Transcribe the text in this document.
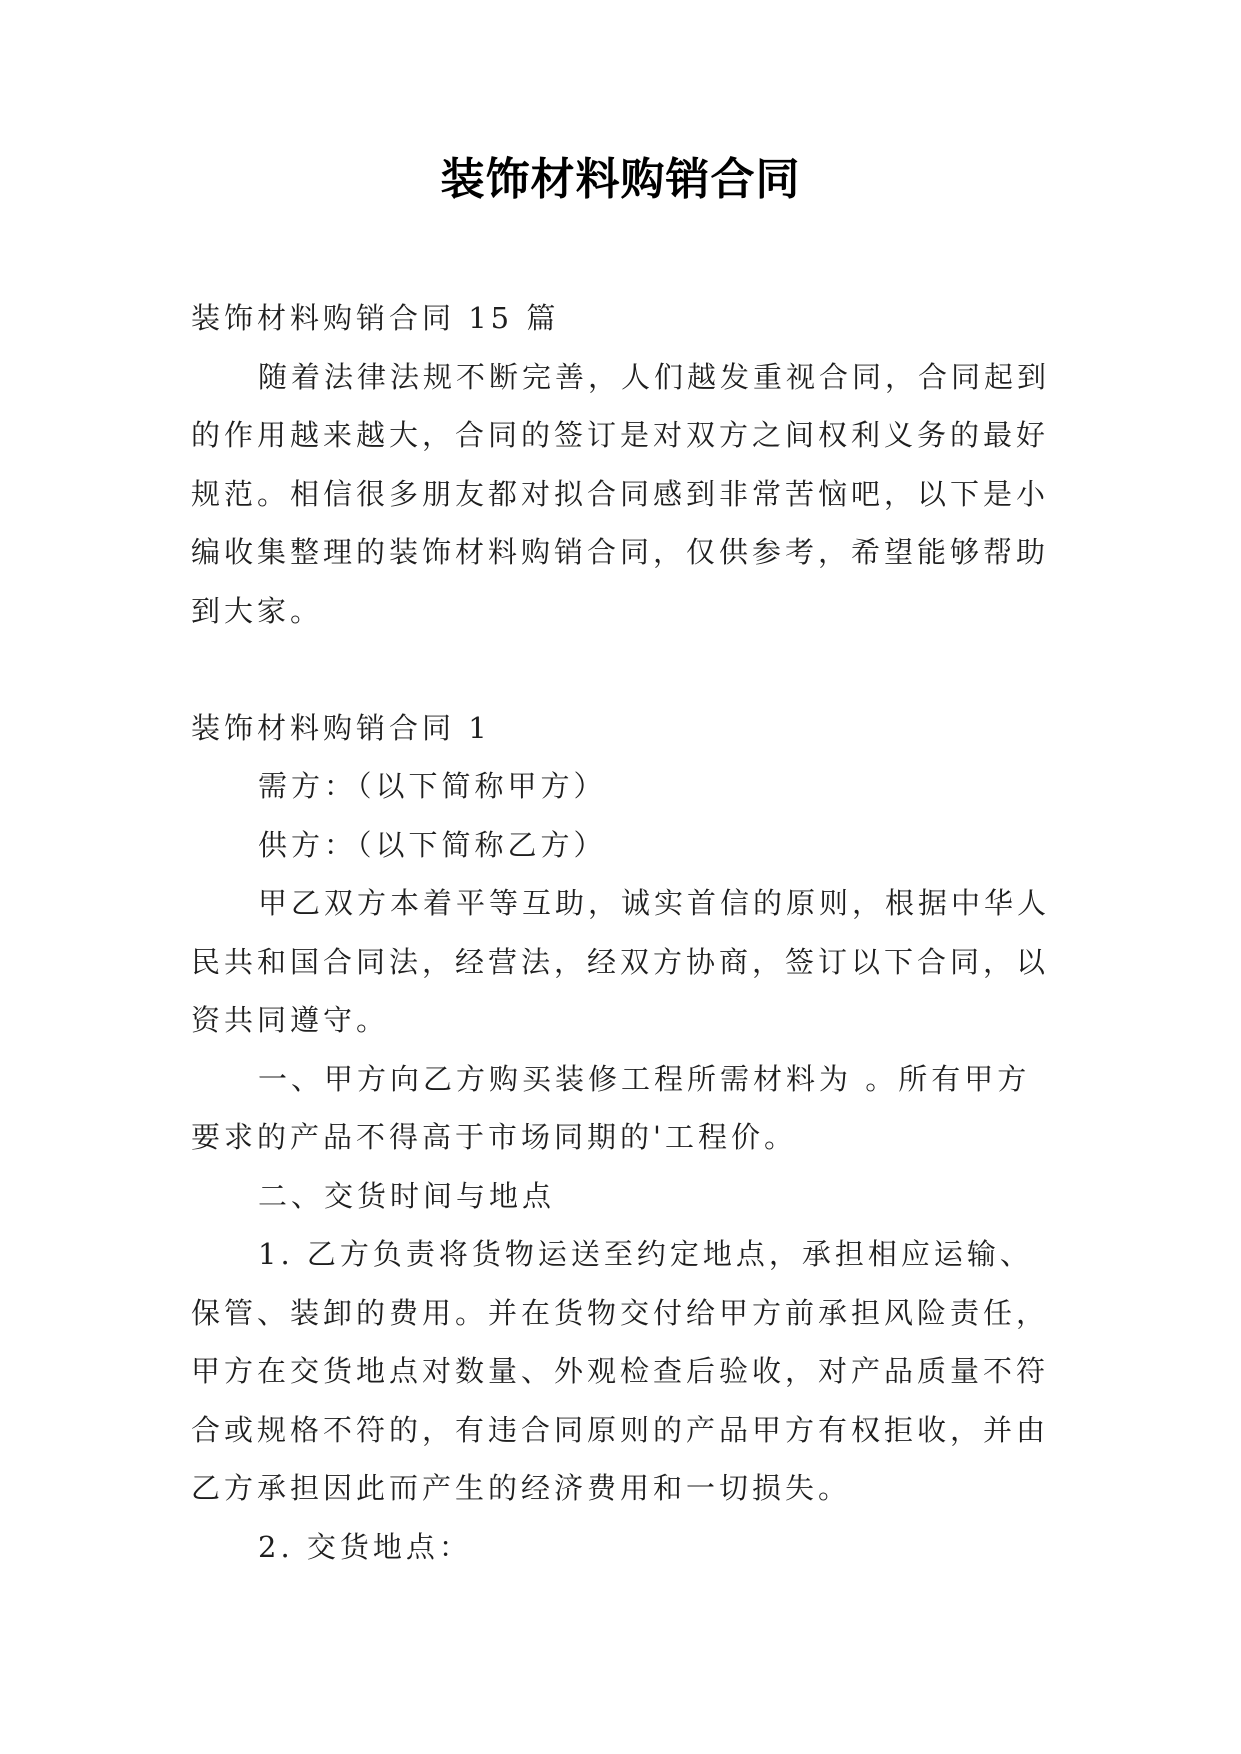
装饰材料购销合同
装饰材料购销合同 15 篇
随着法律法规不断完善，人们越发重视合同，合同起到
的作用越来越大，合同的签订是对双方之间权利义务的最好
规范。相信很多朋友都对拟合同感到非常苦恼吧，以下是小
编收集整理的装饰材料购销合同，仅供参考，希望能够帮助
到大家。
装饰材料购销合同 1
需方：（以下简称甲方）
供方：（以下简称乙方）
甲乙双方本着平等互助，诚实首信的原则，根据中华人
民共和国合同法，经营法，经双方协商，签订以下合同，以
资共同遵守。
一、甲方向乙方购买装修工程所需材料为 。所有甲方
要求的产品不得高于市场同期的'工程价。
二、交货时间与地点
1. 乙方负责将货物运送至约定地点，承担相应运输、
保管、装卸的费用。并在货物交付给甲方前承担风险责任，
甲方在交货地点对数量、外观检查后验收，对产品质量不符
合或规格不符的，有违合同原则的产品甲方有权拒收，并由
乙方承担因此而产生的经济费用和一切损失。
2. 交货地点：
